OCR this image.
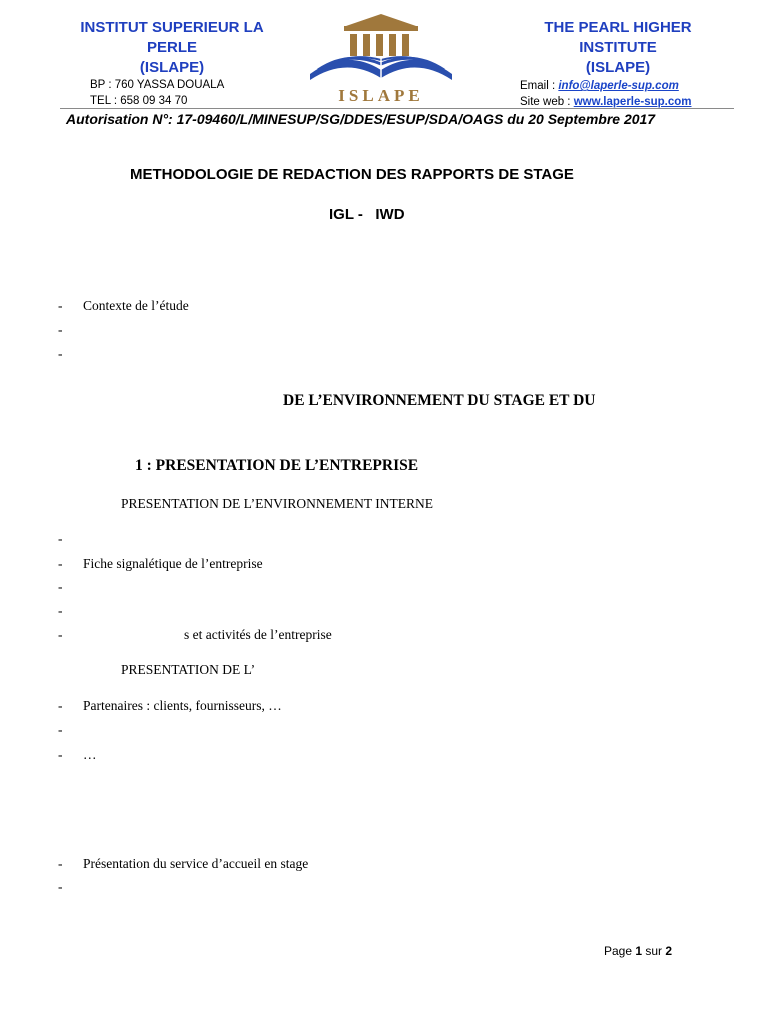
INSTITUT SUPERIEUR LA
PERLE
(ISLAPE)
BP : 760 YASSA DOUALA
TEL : 658 09 34 70	ISLAPE
THE PEARL HIGHER
INSTITUTE
(ISLAPE)
Email : info@laperle-sup.com
Site web : www.laperle-sup.com
Autorisation N°: 17-09460/L/MINESUP/SG/DDES/ESUP/SDA/OAGS du 20 Septembre 2017
METHODOLOGIE DE REDACTION DES RAPPORTS DE STAGE
IGL -   IWD
- Contexte de l’étude
-
-
DE L’ENVIRONNEMENT DU STAGE ET DU
1 : PRESENTATION DE L’ENTREPRISE
PRESENTATION DE L’ENVIRONNEMENT INTERNE
-
- Fiche signalétique de l’entreprise
-
-
-	s et activités de l’entreprise
PRESENTATION DE L’
- Partenaires : clients, fournisseurs, …
-
- …
- Présentation du service d’accueil en stage
-
Page 1 sur 2
